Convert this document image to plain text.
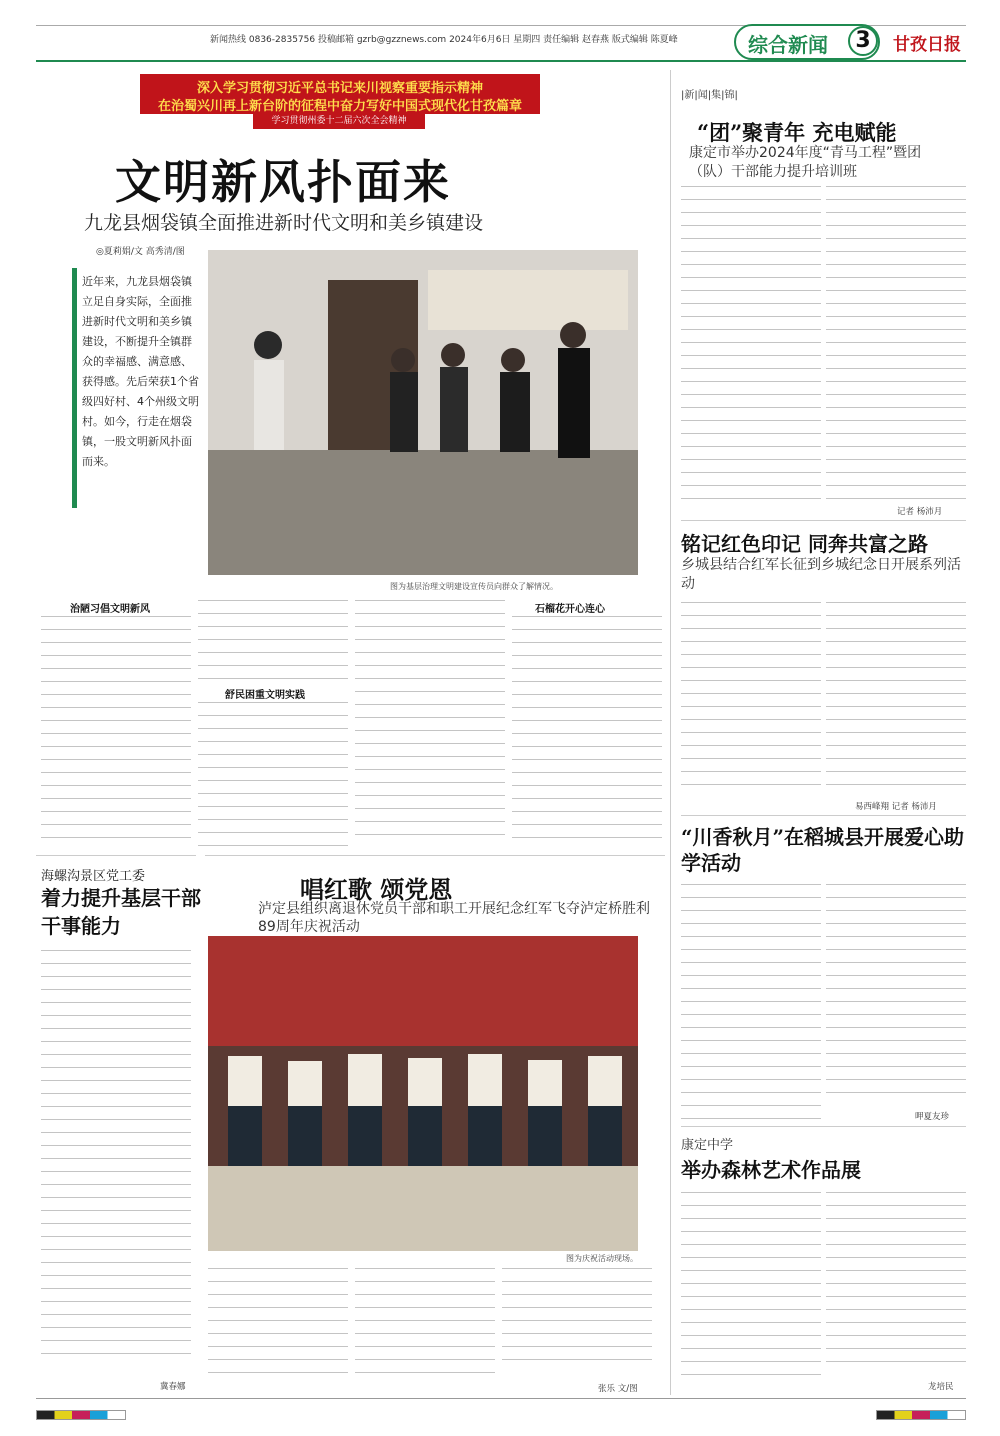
新闻热线 0836-2835756 投稿邮箱 gzrb@gzznews.com 2024年6月6日 星期四 责任编辑 赵春燕 版式编辑 陈夏峰	综合新闻	3	甘孜日报
深入学习贯彻习近平总书记来川视察重要指示精神
在治蜀兴川再上新台阶的征程中奋力写好中国式现代化甘孜篇章
学习贯彻州委十二届六次全会精神
文明新风扑面来
九龙县烟袋镇全面推进新时代文明和美乡镇建设
◎夏莉娟/文 高秀清/图
近年来，九龙县烟袋镇立足自身实际，全面推进新时代文明和美乡镇建设，不断提升全镇群众的幸福感、满意感、获得感。先后荣获1个省级四好村、4个州级文明村。如今，行走在烟袋镇，一股文明新风扑面而来。
图为基层治理文明建设宣传员向群众了解情况。
治陋习倡文明新风
舒民困重文明实践
石榴花开心连心
海螺沟景区党工委
着力提升基层干部干事能力
冀春娜
唱红歌 颂党恩
泸定县组织离退休党员干部和职工开展纪念红军飞夺泸定桥胜利89周年庆祝活动
图为庆祝活动现场。
张乐 文/图
|新|闻|集|锦|
“团”聚青年 充电赋能
康定市举办2024年度“青马工程”暨团（队）干部能力提升培训班
记者 杨沛月
铭记红色印记 同奔共富之路
乡城县结合红军长征到乡城纪念日开展系列活动
易西峰翔 记者 杨沛月
“川香秋月”在稻城县开展爱心助学活动
呷夏友珍
康定中学
举办森林艺术作品展
龙培民
